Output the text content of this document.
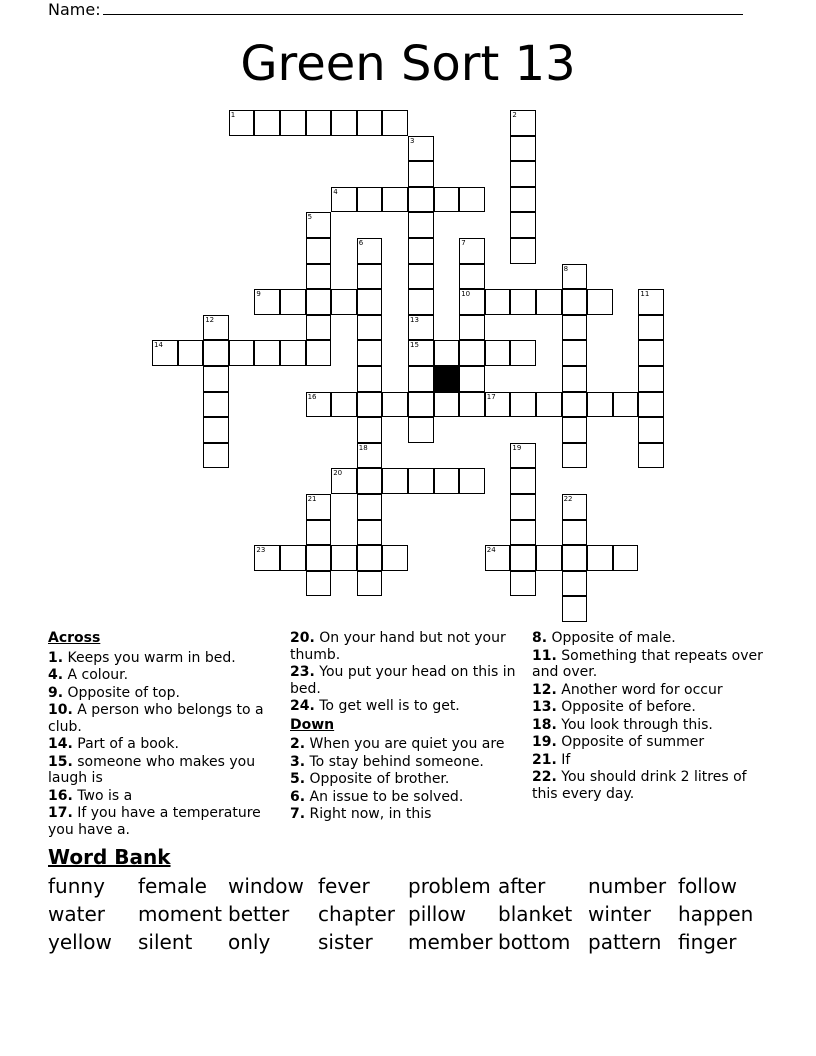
Name:
Green Sort 13
1	2
3
4
5
6	7
8
9	10	11
12	13
14	15
16	17
18	19
20
21	22
23	24
Across
1. Keeps you warm in bed.
4. A colour.
9. Opposite of top.
10. A person who belongs to a club.
14. Part of a book.
15. someone who makes you laugh is
16. Two is a
17. If you have a temperature you have a.
20. On your hand but not your thumb.
23. You put your head on this in bed.
24. To get well is to get.
Down
2. When you are quiet you are
3. To stay behind someone.
5. Opposite of brother.
6. An issue to be solved.
7. Right now, in this
8. Opposite of male.
11. Something that repeats over and over.
12. Another word for occur
13. Opposite of before.
18. You look through this.
19. Opposite of summer
21. If
22. You should drink 2 litres of this every day.
Word Bank
funny female window fever problem after number follow
water moment better chapter pillow blanket winter happen
yellow silent only sister member bottom pattern finger
